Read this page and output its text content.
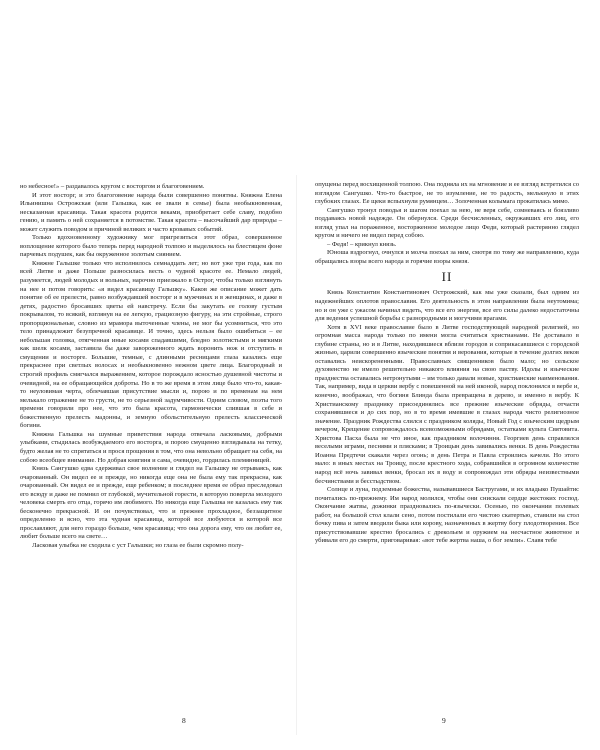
но небесное!» – раздавалось кругом с восторгом и благоговением.

И этот восторг, и это благоговение народа были совершенно понятны. Княжна Елена Ильинишна Острожская (или Гальшка, как ее звали в семье) была необыкновенная, несказанная красавица. Такая красота родится веками, приобретает себе славу, подобно гению, и память о ней сохраняется в потомстве. Такая красота – высочайший дар природы – может служить поводом и причиной великих и часто кровавых событий.

Только вдохновенному художнику мог пригрезиться этот образ, совершенное воплощение которого было теперь перед народной толпою и выделялось на блестящем фоне парчевых подушек, как бы окруженное золотым сиянием.

Княжне Гальшке только что исполнилось семнадцать лет; но вот уже три года, как по всей Литве и даже Польше разносилась весть о чудной красоте ее. Немало людей, разумеется, людей молодых и вольных, нарочно приезжало в Острог, чтобы только взглянуть на нее и потом говорить: «я видел красавицу Гальшку». Каков же описание может дать понятие об ее прелести, равно возбуждавшей восторг и в мужчинах и в женщинах, и даже в детях, радостно бросавших цветы ей навстречу. Если бы закутать ее голову густым покрывалом, то всякий, взглянув на ее легкую, грациозную фигуру, на эти стройные, строго пропорциональные, словно из мрамора выточенные члены, не мог бы усомниться, что это тело принадлежит безупречной красавице. И точно, здесь нельзя было ошибиться – ее небольшая головка, отягченная иные косами спадавшими, бледно золотистыми и мягкими как шелк косами, заставила бы даже завороженного ждать воронить нож и отступить в смущении и восторге. Большие, темные, с длинными ресницами глаза казались еще прекраснее при светлых волосах и необыкновенно нежном цвете лица. Благородный и строгий профиль смягчался выражением, которое порождало ясностью душевной чистоты и очевидной, на ее обращающейся доброты. Но в то же время в этом лице было что-то, какая-то неуловимая черта, облечавшая присутствие мысли и, порою и по временам на нем мелькало отражение не то грусти, не то серьезной задумчивости. Одним словом, поэты того времени говорили про нее, что это была красота, гармонически слившая в себе и божественную прелесть мадонны, и земную обольстительную прелесть классической богини.

Княжна Гальшка на шумные приветствия народа отвечала ласковыми, добрыми улыбками, стыдилась возбуждаемого его восторга, и порою смущенно взглядывала на тетку, будто желая не то спрятаться и прося прощения в том, что она невольно обращает на себя, на собою всеобщее внимание. Но добрая княгиня и сама, очевидно, гордилась племянницей.

Князь Сангушко едва сдерживал свое волнение и глядел на Гальшку не отрываясь, как очарованный. Он видел ее и прежде, но никогда еще она не была ему так прекрасна, как очарованный. Он видел ее и прежде, еще ребенком; в последнее время ее образ преследовал его всюду и даже не помнил от глубокой, мучительной горести, в которую повергла молодого человека смерть его отца, горячо им любимого. Но никогда еще Гальшка не казалась ему так бесконечно прекрасной. И он почувствовал, что и прежнее прохладное, беззащитное определенно и ясно, что эта чудная красавица, которой все любуются и которой все прославляют, для него гораздо больше, чем красавица; что она дорога ему, что он любит ее, любит больше всего на свете…

Ласковая улыбка не сходила с уст Гальшки; но глаза ее были скромно полу-

8

опущены перед восхищенной толпою. Она подняла их на мгновение и ее взгляд встретился со взглядом Сангушко. Что-то быстрое, не то изумление, не то радость, мелькнуло в этих глубоких глазах. Ее щеки вспыхнули румянцем… Золоченная колымага прокатилась мимо.

Сангушко тронул поводья и шагом поехал за нею, не веря себе, сомневаясь и боязливо поддаваясь новой надежде. Он обернулся. Среди бесчисленных, окружавших его лиц, его взгляд упал на пораженное, восторженное молодое лицо Феди, который растерянно глядел кругом и ничего не видел перед собою.

– Федя! – крикнул князь.

Юноша вздрогнул, очнулся и молча поехал за ним, смотря по тому же направлению, куда обращались взоры всего народа и горячие взоры князя.

II

Князь Константин Константинович Острожский, как мы уже сказали, был одним из надежнейших оплотов православия. Его деятельность в этом направлении была неутомима; но и он уже с ужасом начинал видеть, что все его энергия, все его силы далеко недостаточны для ведения успешной борьбы с разнородными и могучими врагами.

Хотя в XVI веке православие было в Литве господствующей народной религией, но огромная масса народа только по имени могла считаться христианами. Не доставало в глубине страны, но и в Литве, находившиеся вблизи городов и соприкасавшиеся с городской жизнью, царили совершенно языческие понятия и верования, которые в течение долгих веков оставались неискорененными. Православных священников было мало; но сельское духовенство не имело решительно никакого влияния на свою паству. Идолы и языческие празднества оставались нетронутыми – им только давали новые, христианские наименования. Так, например, вида в церкви вербу с повешенной на ней иконой, народ поклонялся в вербе и, конечно, воображал, что богиня Блинда была превращена в дерево, и именно в вербу. К Христианскому празднику присоединялись все прежние языческие обряды, отчасти сохранявшиеся и до сих пор, но в то время имевшие в глазах народа чисто религиозное значение. Праздник Рождества слился с праздником коляды, Новый Год с языческим щедрым вечером, Крещение сопровождалось всевозможными обрядами, остатками культа Святовита. Христова Пасха была не что иное, как праздником волочиння. Георгиев день справлялся веселыми играми, песнями и плясками; в Троицын день завивались венки. В день Рождества Иоанна Предтечи скакали через огонь; в день Петра и Павла строились качели. Но этого мало: в иных местах на Троицу, после крестного хода, собравшийся в огромном количестве народ всё ночь завивал венки, бросал их в воду и сопровождал эти обряды неизвестными бесчинствами и бесстыдством.

Солнце и луна, подземные божества, называвшиеся Бастругами, и их владыко Пушайтис почитались по-прежнему. Им народ молился, чтобы они снискали сердце жестоких господ. Окончание жатвы, дожинки праздновались по-язычески. Осенью, по окончании полевых работ, на большой стол клали сено, потом постилали его чистою скатертью, ставили на стол бочку пива и затем вводили быка или корову, назначенных в жертву богу плодотворения. Все присутствовавшие крестно бросались с дрекольем и оружием на несчастное животное и убивали его до смерти, приговаривая: «вот тебе жертва наша, о бог земли». Славя тебе

9
